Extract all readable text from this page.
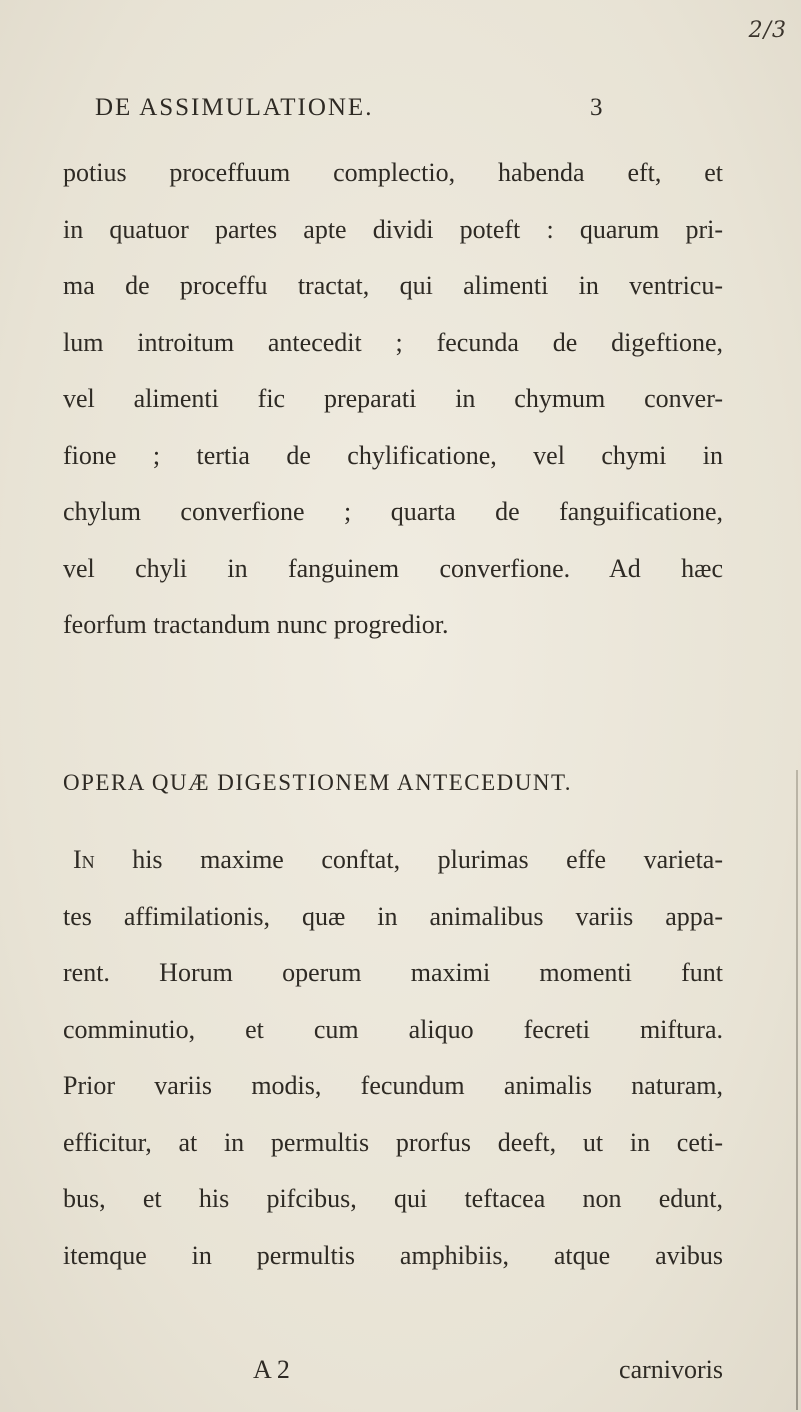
2/3
DE ASSIMULATIONE.	3
potius proceffuum complectio, habenda eft, et
in quatuor partes apte dividi poteft : quarum pri-
ma de proceffu tractat, qui alimenti in ventricu-
lum introitum antecedit ; fecunda de digeftione,
vel alimenti fic preparati in chymum conver-
fione ; tertia de chylificatione, vel chymi in
chylum converfione ; quarta de fanguificatione,
vel chyli in fanguinem converfione. Ad hæc
feorfum tractandum nunc progredior.
OPERA QUÆ DIGESTIONEM ANTECEDUNT.
In his maxime conftat, plurimas effe varieta-
tes affimilationis, quæ in animalibus variis appa-
rent. Horum operum maximi momenti funt
comminutio, et cum aliquo fecreti miftura.
Prior variis modis, fecundum animalis naturam,
efficitur, at in permultis prorfus deeft, ut in ceti-
bus, et his pifcibus, qui teftacea non edunt,
itemque in permultis amphibiis, atque avibus
A 2	carnivoris
